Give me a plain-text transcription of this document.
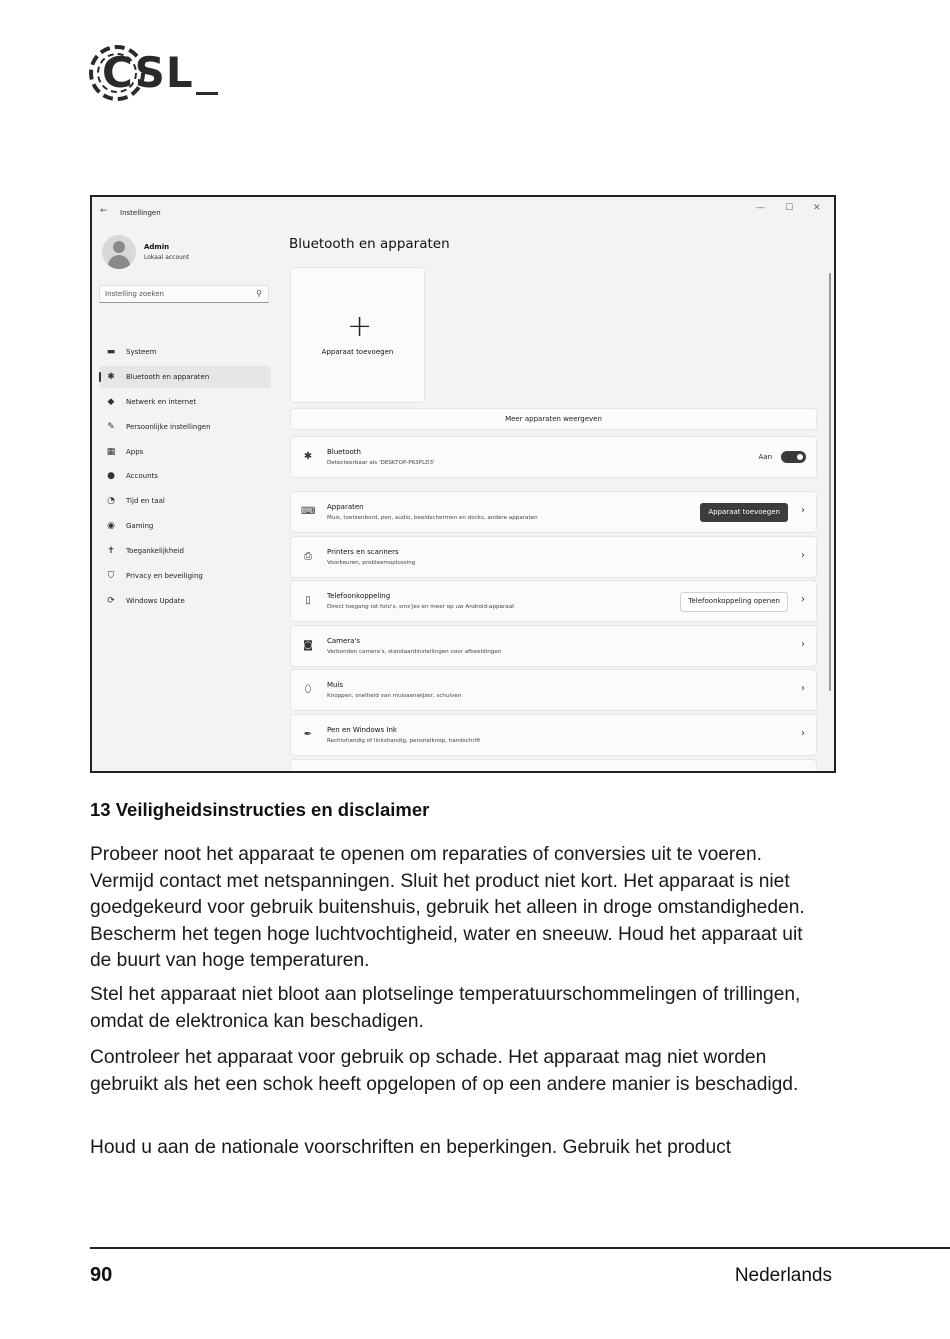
CSL
← Instellingen	— ☐ ✕
Admin
Lokaal account
Instelling zoeken	⚲
▬ Systeem
✱	Bluetooth en apparaten
◆	Netwerk en internet
✎	Persoonlijke instellingen
▦ Apps
● Accounts
◔ Tijd en taal
◉ Gaming
✝	Toegankelijkheid
⛉	Privacy en beveiliging
⟳	Windows Update
Bluetooth en apparaten
+
Apparaat toevoegen
Meer apparaten weergeven
✱	Bluetooth
Detecteerbaar als 'DESKTOP-P63PLD3'
Aan
⌨ Apparaten
Muis, toetsenbord, pen, audio, beeldschermen en docks, andere apparaten
Apparaat toevoegen	›
⎙	Printers en scanners
Voorkeuren, probleemoplossing
›
▯	Telefoonkoppeling
Direct toegang tot foto's, sms'jes en meer op uw Android-apparaat
Telefoonkoppeling openen	›
◙	Camera's
Verbonden camera's, standaardinstellingen voor afbeeldingen
›
⬯	Muis
Knoppen, snelheid van muisaanwijzer, schuiven
›
✒	Pen en Windows Ink
Rechtshandig of linkshandig, pensnelknop, handschrift
›
13 Veiligheidsinstructies en disclaimer

Probeer noot het apparaat te openen om reparaties of conversies uit te voeren. Vermijd contact met netspanningen. Sluit het product niet kort. Het apparaat is niet goedgekeurd voor gebruik buitenshuis, gebruik het alleen in droge omstandigheden. Bescherm het tegen hoge luchtvochtigheid, water en sneeuw. Houd het apparaat uit de buurt van hoge temperaturen.

Stel het apparaat niet bloot aan plotselinge temperatuurschommelingen of trillingen, omdat de elektronica kan beschadigen.

Controleer het apparaat voor gebruik op schade. Het apparaat mag niet worden gebruikt als het een schok heeft opgelopen of op een andere manier is beschadigd.

Houd u aan de nationale voorschriften en beperkingen. Gebruik het product

90	Nederlands
